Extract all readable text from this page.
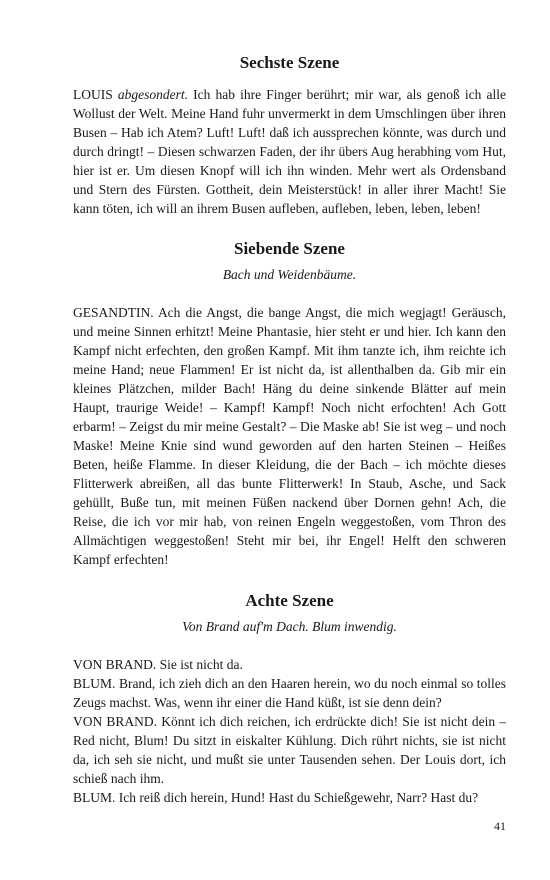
Sechste Szene

LOUIS abgesondert. Ich hab ihre Finger berührt; mir war, als genoß ich alle Wollust der Welt. Meine Hand fuhr unvermerkt in dem Umschlingen über ihren Busen – Hab ich Atem? Luft! Luft! daß ich aussprechen könnte, was durch und durch dringt! – Diesen schwarzen Faden, der ihr übers Aug herabhing vom Hut, hier ist er. Um diesen Knopf will ich ihn winden. Mehr wert als Ordensband und Stern des Fürsten. Gottheit, dein Meisterstück! in aller ihrer Macht! Sie kann töten, ich will an ihrem Busen aufleben, aufleben, leben, leben, leben!

Siebende Szene

Bach und Weidenbäume.

GESANDTIN. Ach die Angst, die bange Angst, die mich wegjagt! Geräusch, und meine Sinnen erhitzt! Meine Phantasie, hier steht er und hier. Ich kann den Kampf nicht erfechten, den großen Kampf. Mit ihm tanzte ich, ihm reichte ich meine Hand; neue Flammen! Er ist nicht da, ist allenthalben da. Gib mir ein kleines Plätzchen, milder Bach! Häng du deine sinkende Blätter auf mein Haupt, traurige Weide! – Kampf! Kampf! Noch nicht erfochten! Ach Gott erbarm! – Zeigst du mir meine Gestalt? – Die Maske ab! Sie ist weg – und noch Maske! Meine Knie sind wund geworden auf den harten Steinen – Heißes Beten, heiße Flamme. In dieser Kleidung, die der Bach – ich möchte dieses Flitterwerk abreißen, all das bunte Flitterwerk! In Staub, Asche, und Sack gehüllt, Buße tun, mit meinen Füßen nackend über Dornen gehn! Ach, die Reise, die ich vor mir hab, von reinen Engeln weggestoßen, vom Thron des Allmächtigen weggestoßen! Steht mir bei, ihr Engel! Helft den schweren Kampf erfechten!

Achte Szene

Von Brand auf'm Dach. Blum inwendig.

VON BRAND. Sie ist nicht da.

BLUM. Brand, ich zieh dich an den Haaren herein, wo du noch einmal so tolles Zeugs machst. Was, wenn ihr einer die Hand küßt, ist sie denn dein?

VON BRAND. Könnt ich dich reichen, ich erdrückte dich! Sie ist nicht dein – Red nicht, Blum! Du sitzt in eiskalter Kühlung. Dich rührt nichts, sie ist nicht da, ich seh sie nicht, und mußt sie unter Tausenden sehen. Der Louis dort, ich schieß nach ihm.

BLUM. Ich reiß dich herein, Hund! Hast du Schießgewehr, Narr? Hast du?

41
